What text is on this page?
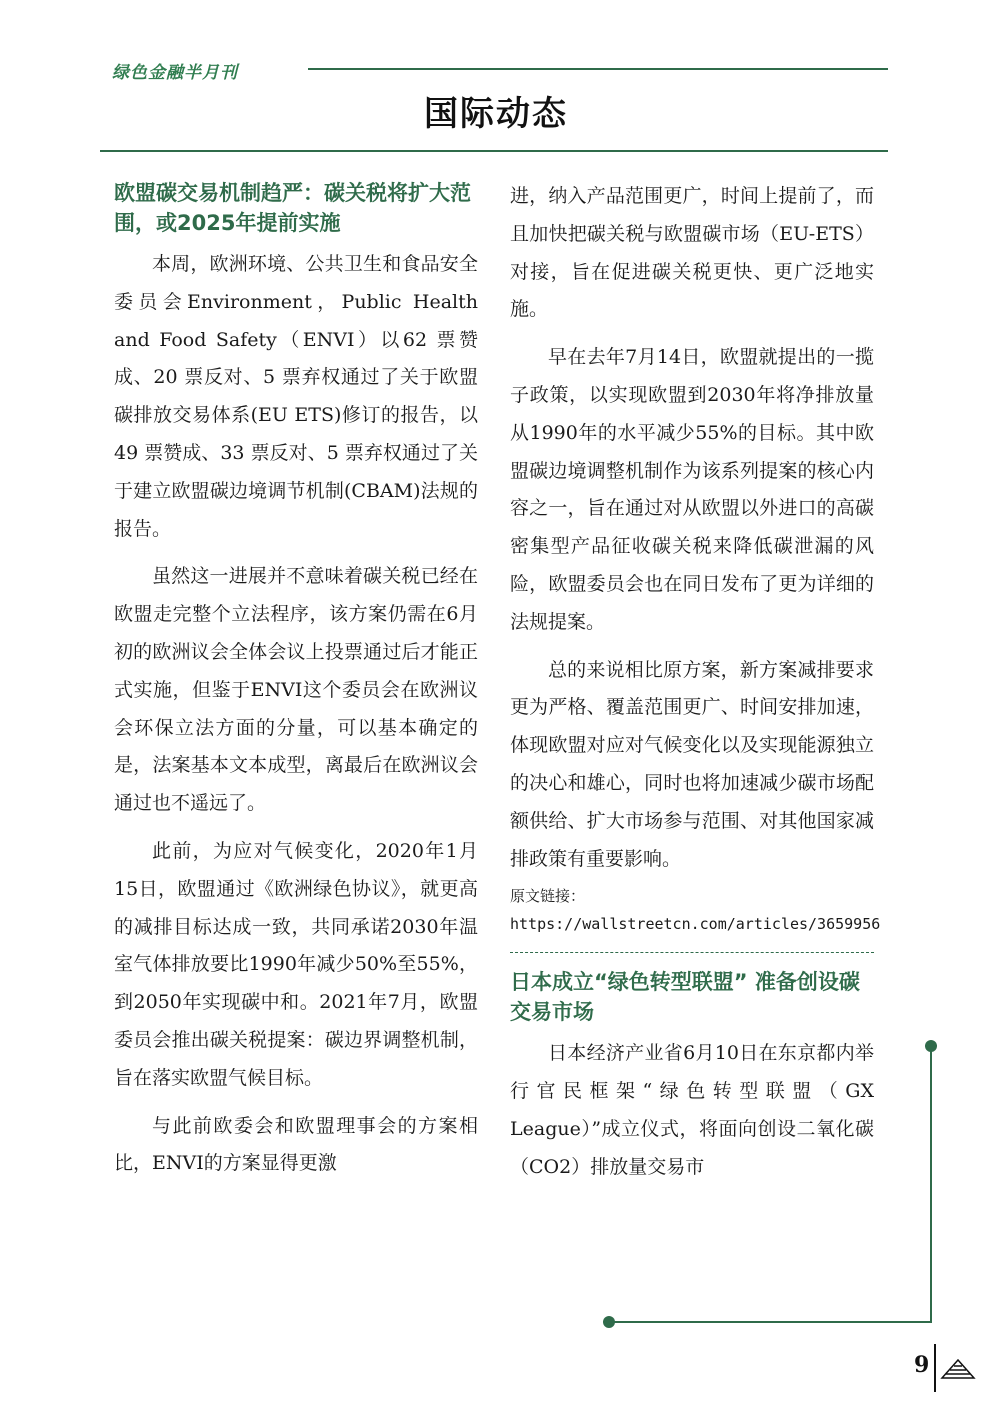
绿色金融半月刊
国际动态
欧盟碳交易机制趋严：碳关税将扩大范围，或2025年提前实施

本周，欧洲环境、公共卫生和食品安全委员会Environment，Public Health and Food Safety（ENVI）以62 票赞成、20 票反对、5 票弃权通过了关于欧盟碳排放交易体系(EU ETS)修订的报告，以49 票赞成、33 票反对、5 票弃权通过了关于建立欧盟碳边境调节机制(CBAM)法规的报告。

虽然这一进展并不意味着碳关税已经在欧盟走完整个立法程序，该方案仍需在6月初的欧洲议会全体会议上投票通过后才能正式实施，但鉴于ENVI这个委员会在欧洲议会环保立法方面的分量，可以基本确定的是，法案基本文本成型，离最后在欧洲议会通过也不遥远了。

此前，为应对气候变化，2020年1月15日，欧盟通过《欧洲绿色协议》，就更高的减排目标达成一致，共同承诺2030年温室气体排放要比1990年减少50%至55%，到2050年实现碳中和。2021年7月，欧盟委员会推出碳关税提案：碳边界调整机制，旨在落实欧盟气候目标。

与此前欧委会和欧盟理事会的方案相比，ENVI的方案显得更激

进，纳入产品范围更广，时间上提前了，而且加快把碳关税与欧盟碳市场（EU-ETS）对接，旨在促进碳关税更快、更广泛地实施。

早在去年7月14日，欧盟就提出的一揽子政策，以实现欧盟到2030年将净排放量从1990年的水平减少55%的目标。其中欧盟碳边境调整机制作为该系列提案的核心内容之一，旨在通过对从欧盟以外进口的高碳密集型产品征收碳关税来降低碳泄漏的风险，欧盟委员会也在同日发布了更为详细的法规提案。

总的来说相比原方案，新方案减排要求更为严格、覆盖范围更广、时间安排加速，体现欧盟对应对气候变化以及实现能源独立的决心和雄心，同时也将加速减少碳市场配额供给、扩大市场参与范围、对其他国家减排政策有重要影响。

原文链接：https://wallstreetcn.com/articles/3659956
日本成立“绿色转型联盟” 准备创设碳交易市场

日本经济产业省6月10日在东京都内举行官民框架“绿色转型联盟（GX League）”成立仪式，将面向创设二氧化碳（CO2）排放量交易市

9
